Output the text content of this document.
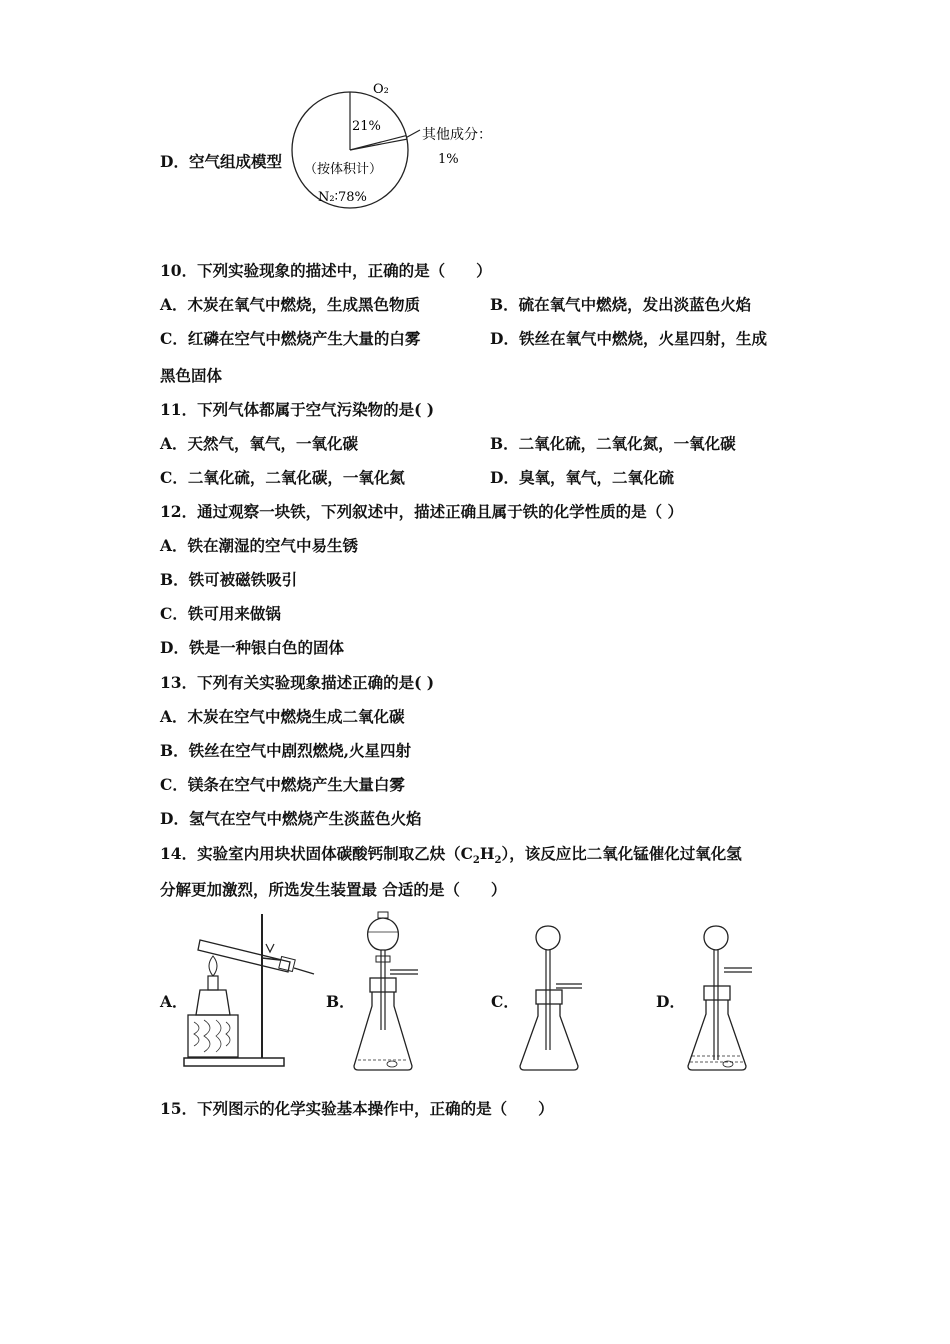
D．空气组成模型
O₂
21%
其他成分：
1%
（按体积计）
N₂∶78%
10．下列实验现象的描述中，正确的是（　　）
A．木炭在氧气中燃烧，生成黑色物质	B．硫在氧气中燃烧，发出淡蓝色火焰
C．红磷在空气中燃烧产生大量的白雾	D．铁丝在氧气中燃烧，火星四射，生成
黑色固体
11．下列气体都属于空气污染物的是( )
A．天然气，氧气，一氧化碳	B．二氧化硫，二氧化氮，一氧化碳
C．二氧化硫，二氧化碳，一氧化氮	D．臭氧，氧气，二氧化硫
12．通过观察一块铁，下列叙述中，描述正确且属于铁的化学性质的是（ ）
A．铁在潮湿的空气中易生锈
B．铁可被磁铁吸引
C．铁可用来做锅
D．铁是一种银白色的固体
13．下列有关实验现象描述正确的是( )
A．木炭在空气中燃烧生成二氧化碳
B．铁丝在空气中剧烈燃烧,火星四射
C．镁条在空气中燃烧产生大量白雾
D．氢气在空气中燃烧产生淡蓝色火焰
14．实验室内用块状固体碳酸钙制取乙炔$(C_2H_2)$，该反应比二氧化锰催化过氧化氢
分解更加激烈，所选发生装置最 合适的是（　　）
A．	B．	C．	D．
15．下列图示的化学实验基本操作中，正确的是（　　）
